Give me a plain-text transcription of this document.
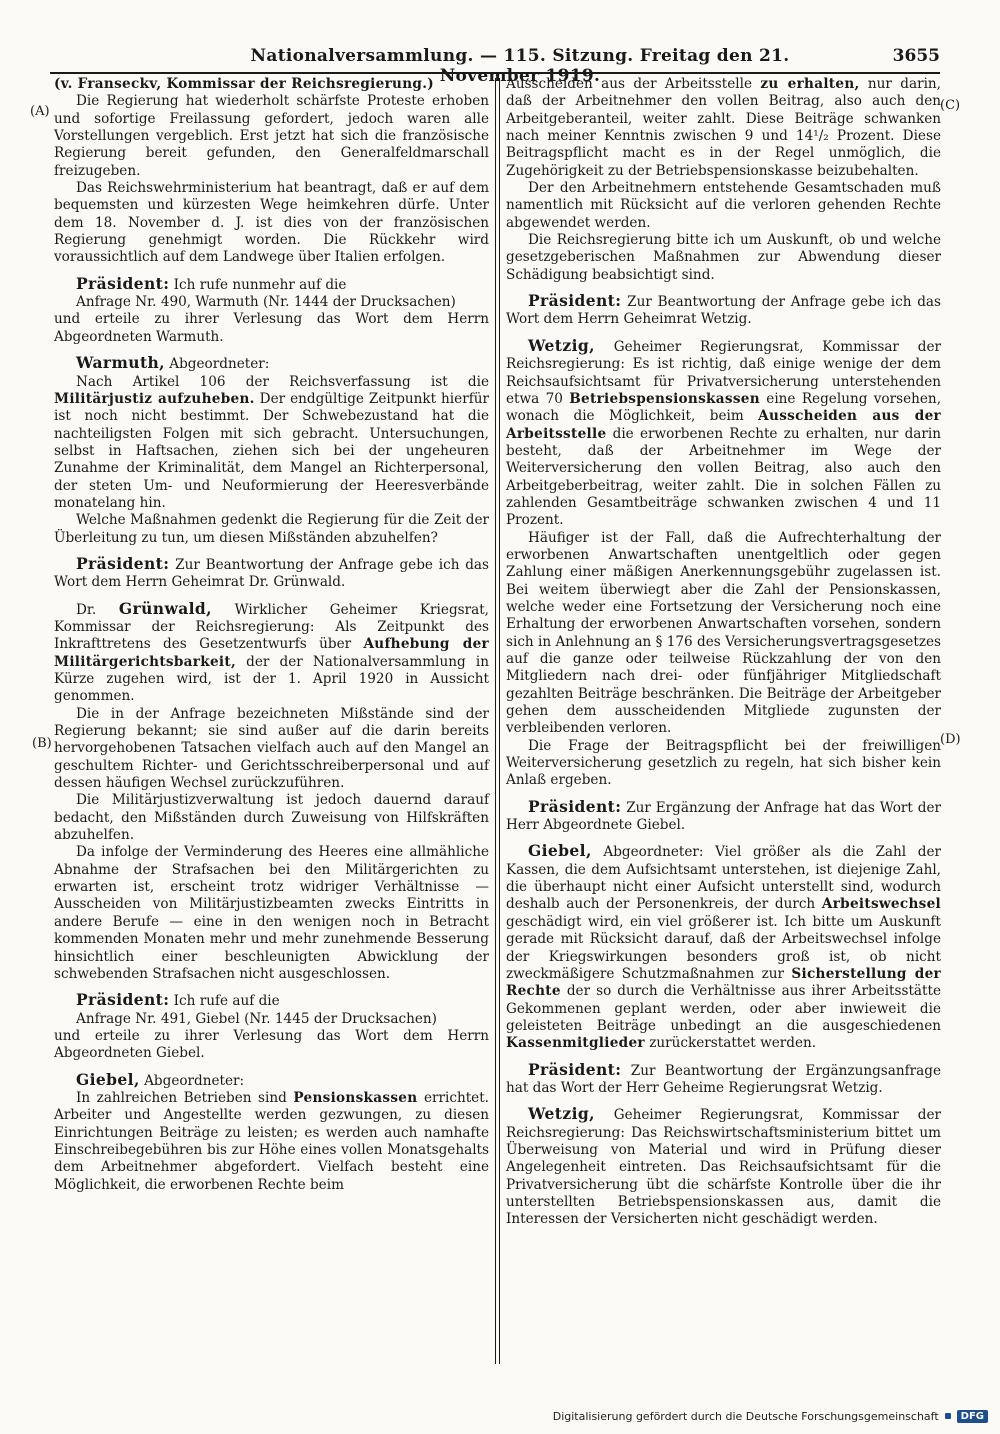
Nationalversammlung. — 115. Sitzung. Freitag den 21. November 1919.
3655
(A)
(B)
(C)
(D)

(v. Franseckv, Kommissar der Reichsregierung.)

Die Regierung hat wiederholt schärfste Proteste erhoben und sofortige Freilassung gefordert, jedoch waren alle Vorstellungen vergeblich. Erst jetzt hat sich die französische Regierung bereit gefunden, den Generalfeldmarschall freizugeben.

Das Reichswehrministerium hat beantragt, daß er auf dem bequemsten und kürzesten Wege heimkehren dürfe. Unter dem 18. November d. J. ist dies von der französischen Regierung genehmigt worden. Die Rückkehr wird voraussichtlich auf dem Landwege über Italien erfolgen.

Präsident: Ich rufe nunmehr auf die

Anfrage Nr. 490, Warmuth (Nr. 1444 der Drucksachen)

und erteile zu ihrer Verlesung das Wort dem Herrn Abgeordneten Warmuth.

Warmuth, Abgeordneter:

Nach Artikel 106 der Reichsverfassung ist die Militärjustiz aufzuheben. Der endgültige Zeitpunkt hierfür ist noch nicht bestimmt. Der Schwebezustand hat die nachteiligsten Folgen mit sich gebracht. Untersuchungen, selbst in Haftsachen, ziehen sich bei der ungeheuren Zunahme der Kriminalität, dem Mangel an Richterpersonal, der steten Um- und Neuformierung der Heeresverbände monatelang hin.

Welche Maßnahmen gedenkt die Regierung für die Zeit der Überleitung zu tun, um diesen Mißständen abzuhelfen?

Präsident: Zur Beantwortung der Anfrage gebe ich das Wort dem Herrn Geheimrat Dr. Grünwald.

Dr. Grünwald, Wirklicher Geheimer Kriegsrat, Kommissar der Reichsregierung: Als Zeitpunkt des Inkrafttretens des Gesetzentwurfs über Aufhebung der Militärgerichtsbarkeit, der der Nationalversammlung in Kürze zugehen wird, ist der 1. April 1920 in Aussicht genommen.

Die in der Anfrage bezeichneten Mißstände sind der Regierung bekannt; sie sind außer auf die darin bereits hervorgehobenen Tatsachen vielfach auch auf den Mangel an geschultem Richter- und Gerichtsschreiberpersonal und auf dessen häufigen Wechsel zurückzuführen.

Die Militärjustizverwaltung ist jedoch dauernd darauf bedacht, den Mißständen durch Zuweisung von Hilfskräften abzuhelfen.

Da infolge der Verminderung des Heeres eine allmähliche Abnahme der Strafsachen bei den Militärgerichten zu erwarten ist, erscheint trotz widriger Verhältnisse — Ausscheiden von Militärjustizbeamten zwecks Eintritts in andere Berufe — eine in den wenigen noch in Betracht kommenden Monaten mehr und mehr zunehmende Besserung hinsichtlich einer beschleunigten Abwicklung der schwebenden Strafsachen nicht ausgeschlossen.

Präsident: Ich rufe auf die

Anfrage Nr. 491, Giebel (Nr. 1445 der Drucksachen)

und erteile zu ihrer Verlesung das Wort dem Herrn Abgeordneten Giebel.

Giebel, Abgeordneter:

In zahlreichen Betrieben sind Pensionskassen errichtet. Arbeiter und Angestellte werden gezwungen, zu diesen Einrichtungen Beiträge zu leisten; es werden auch namhafte Einschreibegebühren bis zur Höhe eines vollen Monatsgehalts dem Arbeitnehmer abgefordert. Vielfach besteht eine Möglichkeit, die erworbenen Rechte beim

Ausscheiden aus der Arbeitsstelle zu erhalten, nur darin, daß der Arbeitnehmer den vollen Beitrag, also auch den Arbeitgeberanteil, weiter zahlt. Diese Beiträge schwanken nach meiner Kenntnis zwischen 9 und 14¹/₂ Prozent. Diese Beitragspflicht macht es in der Regel unmöglich, die Zugehörigkeit zu der Betriebspensionskasse beizubehalten.

Der den Arbeitnehmern entstehende Gesamtschaden muß namentlich mit Rücksicht auf die verloren gehenden Rechte abgewendet werden.

Die Reichsregierung bitte ich um Auskunft, ob und welche gesetzgeberischen Maßnahmen zur Abwendung dieser Schädigung beabsichtigt sind.

Präsident: Zur Beantwortung der Anfrage gebe ich das Wort dem Herrn Geheimrat Wetzig.

Wetzig, Geheimer Regierungsrat, Kommissar der Reichsregierung: Es ist richtig, daß einige wenige der dem Reichsaufsichtsamt für Privatversicherung unterstehenden etwa 70 Betriebspensionskassen eine Regelung vorsehen, wonach die Möglichkeit, beim Ausscheiden aus der Arbeitsstelle die erworbenen Rechte zu erhalten, nur darin besteht, daß der Arbeitnehmer im Wege der Weiterversicherung den vollen Beitrag, also auch den Arbeitgeberbeitrag, weiter zahlt. Die in solchen Fällen zu zahlenden Gesamtbeiträge schwanken zwischen 4 und 11 Prozent.

Häufiger ist der Fall, daß die Aufrechterhaltung der erworbenen Anwartschaften unentgeltlich oder gegen Zahlung einer mäßigen Anerkennungsgebühr zugelassen ist. Bei weitem überwiegt aber die Zahl der Pensionskassen, welche weder eine Fortsetzung der Versicherung noch eine Erhaltung der erworbenen Anwartschaften vorsehen, sondern sich in Anlehnung an § 176 des Versicherungsvertragsgesetzes auf die ganze oder teilweise Rückzahlung der von den Mitgliedern nach drei- oder fünfjähriger Mitgliedschaft gezahlten Beiträge beschränken. Die Beiträge der Arbeitgeber gehen dem ausscheidenden Mitgliede zugunsten der verbleibenden verloren.

Die Frage der Beitragspflicht bei der freiwilligen Weiterversicherung gesetzlich zu regeln, hat sich bisher kein Anlaß ergeben.

Präsident: Zur Ergänzung der Anfrage hat das Wort der Herr Abgeordnete Giebel.

Giebel, Abgeordneter: Viel größer als die Zahl der Kassen, die dem Aufsichtsamt unterstehen, ist diejenige Zahl, die überhaupt nicht einer Aufsicht unterstellt sind, wodurch deshalb auch der Personenkreis, der durch Arbeitswechsel geschädigt wird, ein viel größerer ist. Ich bitte um Auskunft gerade mit Rücksicht darauf, daß der Arbeitswechsel infolge der Kriegswirkungen besonders groß ist, ob nicht zweckmäßigere Schutzmaßnahmen zur Sicherstellung der Rechte der so durch die Verhältnisse aus ihrer Arbeitsstätte Gekommenen geplant werden, oder aber inwieweit die geleisteten Beiträge unbedingt an die ausgeschiedenen Kassenmitglieder zurückerstattet werden.

Präsident: Zur Beantwortung der Ergänzungsanfrage hat das Wort der Herr Geheime Regierungsrat Wetzig.

Wetzig, Geheimer Regierungsrat, Kommissar der Reichsregierung: Das Reichswirtschaftsministerium bittet um Überweisung von Material und wird in Prüfung dieser Angelegenheit eintreten. Das Reichsaufsichtsamt für die Privatversicherung übt die schärfste Kontrolle über die ihr unterstellten Betriebspensionskassen aus, damit die Interessen der Versicherten nicht geschädigt werden.

Digitalisierung gefördert durch die Deutsche Forschungsgemeinschaft	DFG
